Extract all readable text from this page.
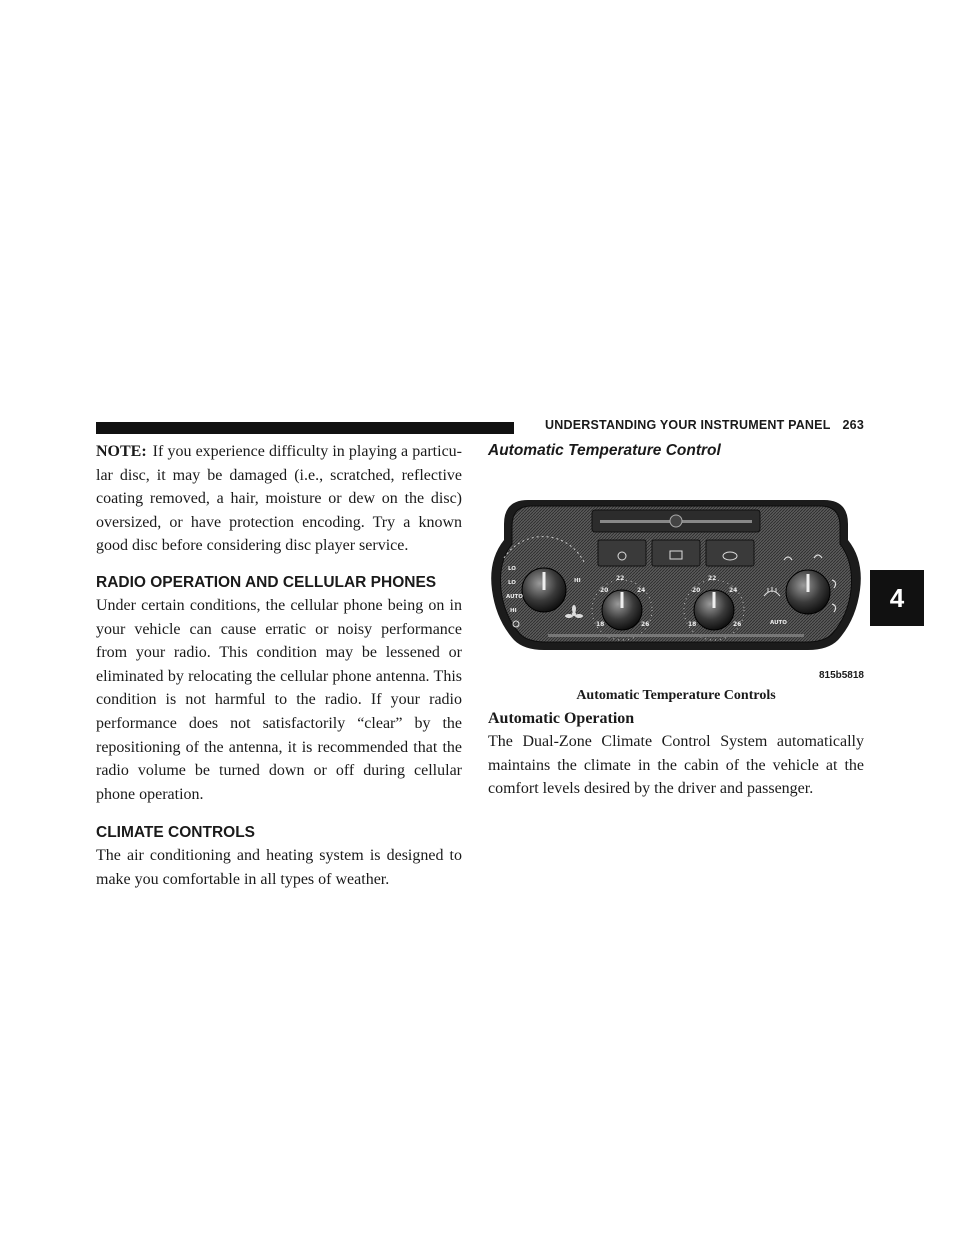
UNDERSTANDING YOUR INSTRUMENT PANEL 263

NOTE: If you experience difficulty in playing a particu-lar disc, it may be damaged (i.e., scratched, reflective coating removed, a hair, moisture or dew on the disc) oversized, or have protection encoding. Try a known good disc before considering disc player service.

RADIO OPERATION AND CELLULAR PHONES

Under certain conditions, the cellular phone being on in your vehicle can cause erratic or noisy performance from your radio. This condition may be lessened or eliminated by relocating the cellular phone antenna. This condition is not harmful to the radio. If your radio performance does not satisfactorily “clear” by the repositioning of the antenna, it is recommended that the radio volume be turned down or off during cellular phone operation.

CLIMATE CONTROLS

The air conditioning and heating system is designed to make you comfortable in all types of weather.

Automatic Temperature Control
LO
LO
AUTO
HI
HI
18
20
22
24
26	18
20
22
24
26	AUTO
815b5818
Automatic Temperature Controls
Automatic Operation

The Dual-Zone Climate Control System automatically maintains the climate in the cabin of the vehicle at the comfort levels desired by the driver and passenger.

4
